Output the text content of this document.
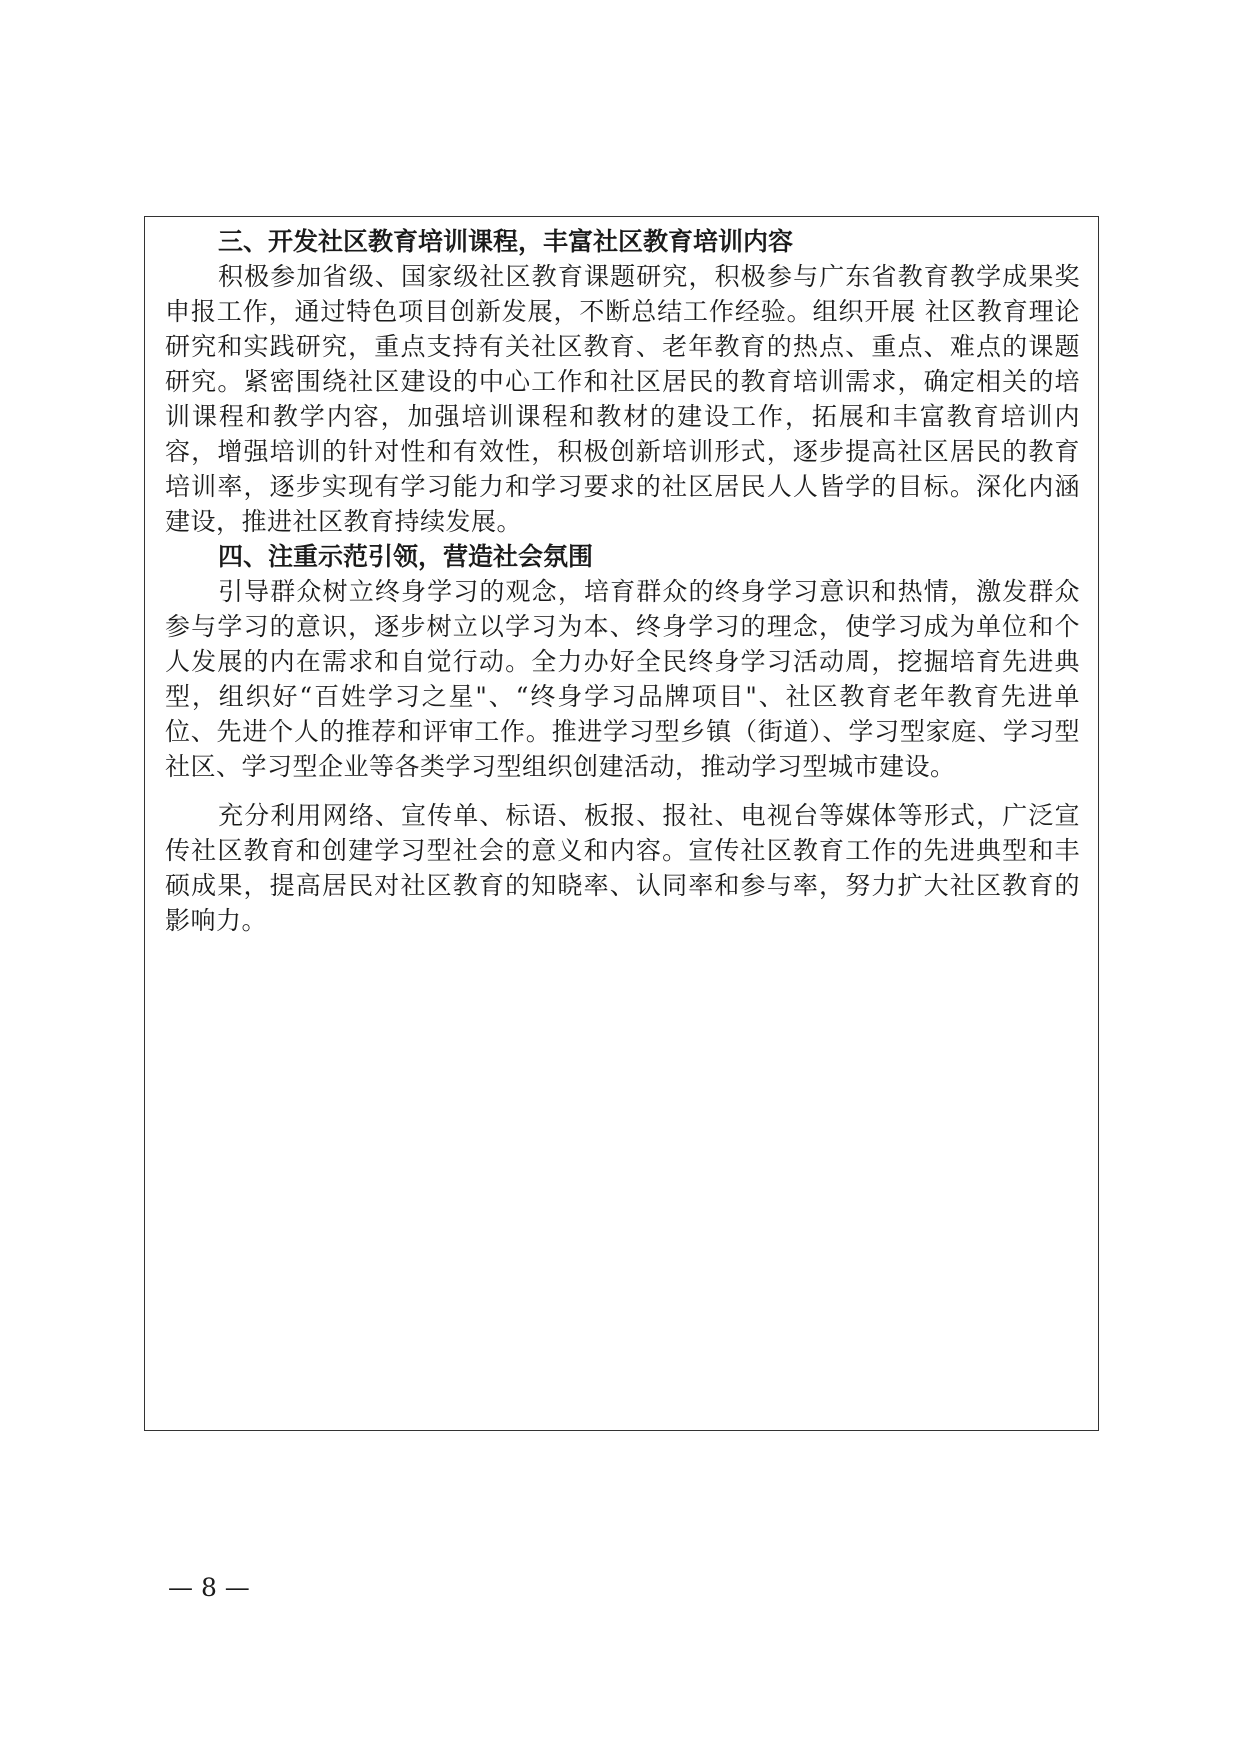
三、开发社区教育培训课程，丰富社区教育培训内容

积极参加省级、国家级社区教育课题研究，积极参与广东省教育教学成果奖申报工作，通过特色项目创新发展，不断总结工作经验。组织开展 社区教育理论研究和实践研究，重点支持有关社区教育、老年教育的热点、重点、难点的课题研究。紧密围绕社区建设的中心工作和社区居民的教育培训需求，确定相关的培训课程和教学内容，加强培训课程和教材的建设工作，拓展和丰富教育培训内容，增强培训的针对性和有效性，积极创新培训形式，逐步提高社区居民的教育培训率，逐步实现有学习能力和学习要求的社区居民人人皆学的目标。深化内涵建设，推进社区教育持续发展。

四、注重示范引领，营造社会氛围

引导群众树立终身学习的观念，培育群众的终身学习意识和热情，激发群众参与学习的意识，逐步树立以学习为本、终身学习的理念，使学习成为单位和个人发展的内在需求和自觉行动。全力办好全民终身学习活动周，挖掘培育先进典型，组织好“百姓学习之星"、“终身学习品牌项目"、社区教育老年教育先进单位、先进个人的推荐和评审工作。推进学习型乡镇（街道）、学习型家庭、学习型社区、学习型企业等各类学习型组织创建活动，推动学习型城市建设。

充分利用网络、宣传单、标语、板报、报社、电视台等媒体等形式，广泛宣传社区教育和创建学习型社会的意义和内容。宣传社区教育工作的先进典型和丰硕成果，提高居民对社区教育的知晓率、认同率和参与率，努力扩大社区教育的影响力。

— 8 —
